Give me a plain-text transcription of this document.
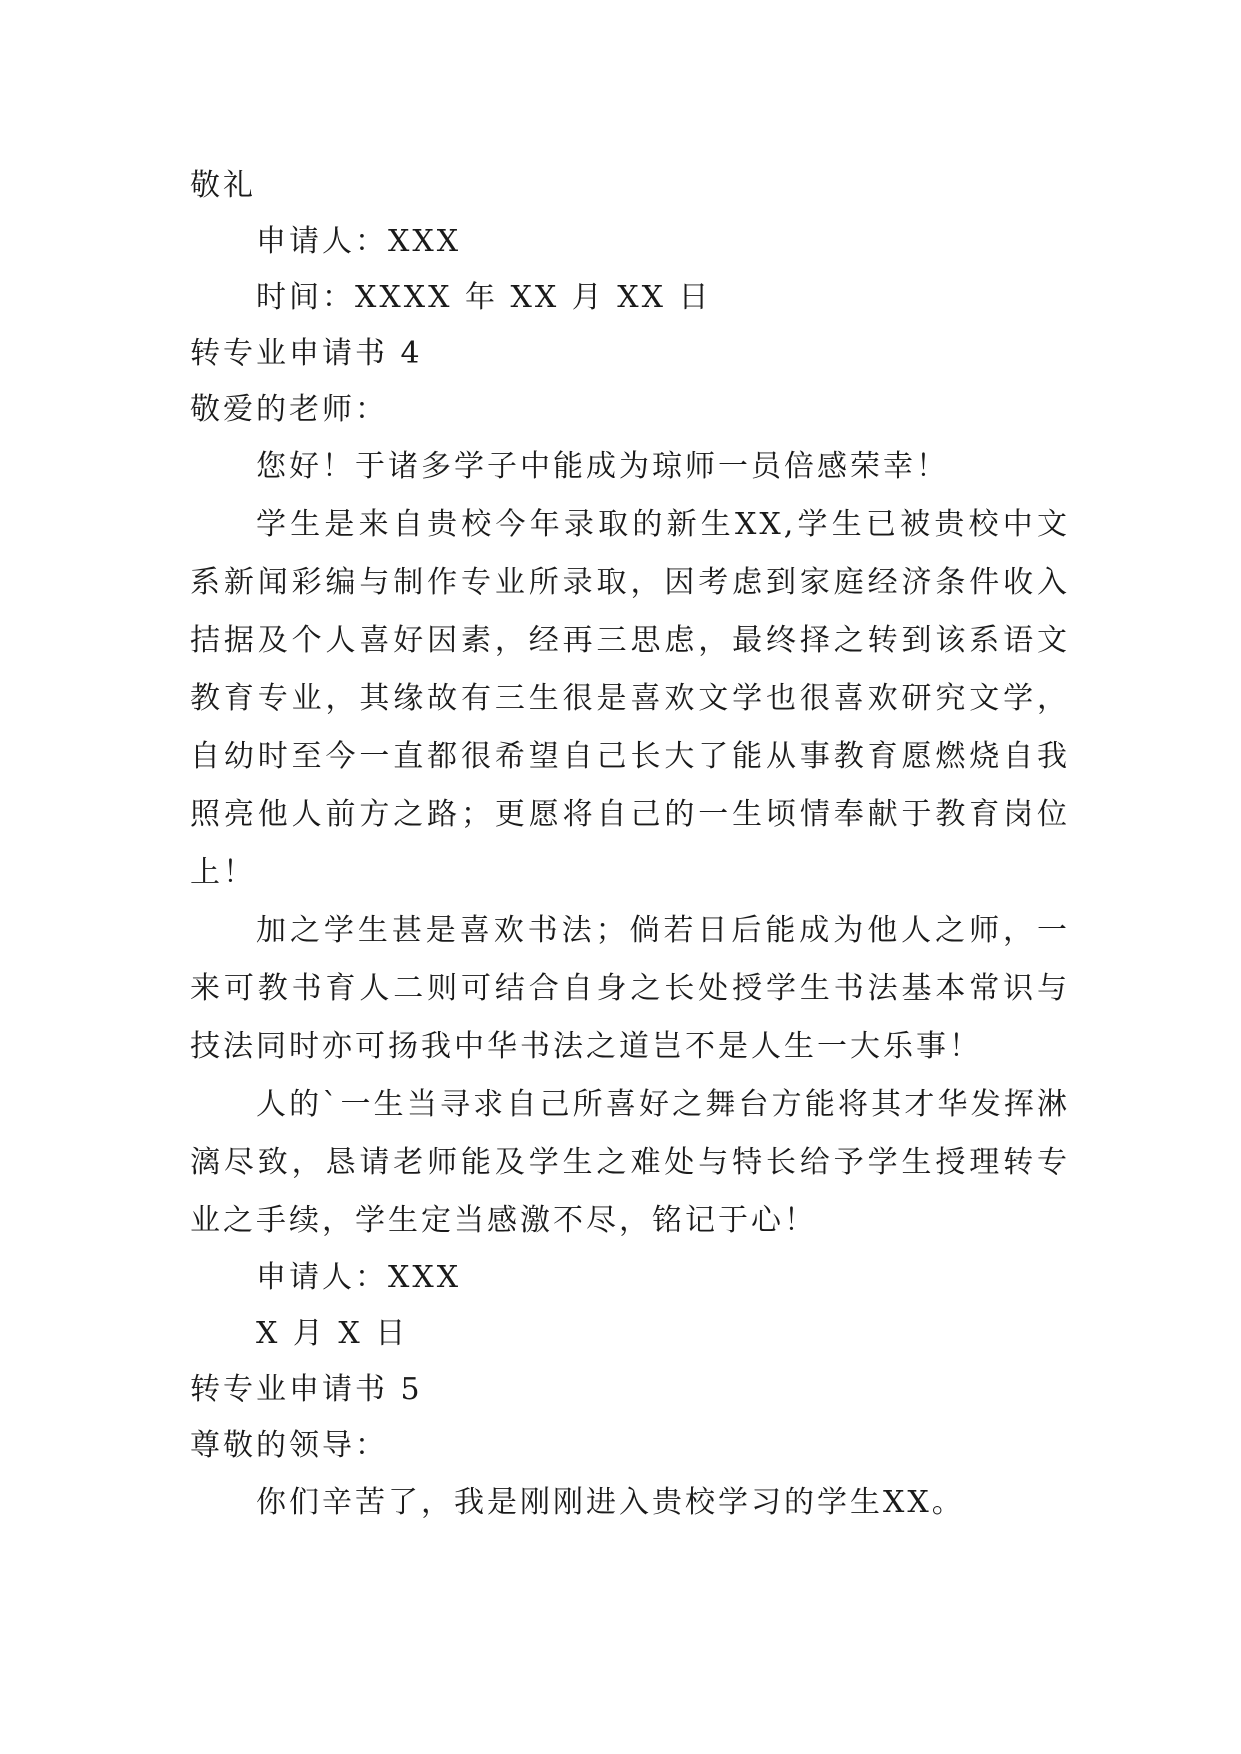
敬礼
申请人：XXX
时间：XXXX 年 XX 月 XX 日
转专业申请书 4
敬爱的老师：

您好！于诸多学子中能成为琼师一员倍感荣幸！

学生是来自贵校今年录取的新生XX,学生已被贵校中文系新闻彩编与制作专业所录取，因考虑到家庭经济条件收入拮据及个人喜好因素，经再三思虑，最终择之转到该系语文教育专业，其缘故有三生很是喜欢文学也很喜欢研究文学，自幼时至今一直都很希望自己长大了能从事教育愿燃烧自我照亮他人前方之路；更愿将自己的一生顷情奉献于教育岗位上！

加之学生甚是喜欢书法；倘若日后能成为他人之师，一来可教书育人二则可结合自身之长处授学生书法基本常识与技法同时亦可扬我中华书法之道岂不是人生一大乐事！

人的`一生当寻求自己所喜好之舞台方能将其才华发挥淋漓尽致，恳请老师能及学生之难处与特长给予学生授理转专业之手续，学生定当感激不尽，铭记于心！

申请人：XXX
X 月 X 日
转专业申请书 5
尊敬的领导：

你们辛苦了，我是刚刚进入贵校学习的学生XX。
